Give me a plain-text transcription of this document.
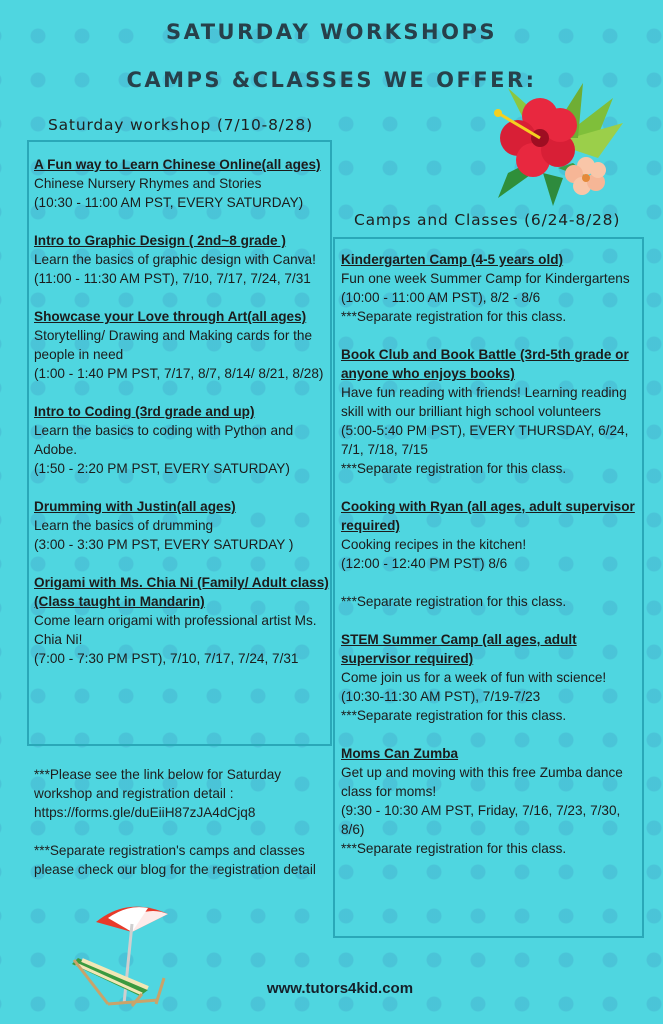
SATURDAY WORKSHOPS
CAMPS &CLASSES WE OFFER:
Saturday workshop (7/10-8/28)
A Fun way to Learn Chinese Online(all ages)
Chinese Nursery Rhymes and Stories
(10:30 - 11:00 AM PST, EVERY SATURDAY)
Intro to Graphic Design ( 2nd~8 grade )
Learn the basics of graphic design with Canva!
(11:00 - 11:30 AM PST), 7/10, 7/17, 7/24, 7/31
Showcase your Love through Art(all ages)
Storytelling/ Drawing and Making cards for the people in need
(1:00 - 1:40 PM PST, 7/17, 8/7, 8/14/ 8/21, 8/28)
Intro to Coding (3rd grade and up)
Learn the basics to coding with Python and Adobe.
(1:50 - 2:20 PM PST, EVERY SATURDAY)
Drumming with Justin(all ages)
Learn the basics of drumming
(3:00 - 3:30 PM PST, EVERY SATURDAY )
Origami with Ms. Chia Ni (Family/ Adult class) (Class taught in Mandarin)
Come learn origami with professional artist Ms. Chia Ni!
(7:00 - 7:30 PM PST), 7/10, 7/17, 7/24, 7/31
Camps and Classes (6/24-8/28)
Kindergarten Camp (4-5 years old)
Fun one week Summer Camp for Kindergartens
(10:00 - 11:00 AM PST), 8/2 - 8/6
***Separate registration for this class.
Book Club and Book Battle (3rd-5th grade or anyone who enjoys books)
Have fun reading with friends! Learning reading skill with our brilliant high school volunteers
(5:00-5:40 PM PST), EVERY THURSDAY, 6/24, 7/1, 7/18, 7/15
***Separate registration for this class.
Cooking with Ryan (all ages, adult supervisor required)
Cooking recipes in the kitchen!
(12:00 - 12:40 PM PST) 8/6
***Separate registration for this class.
STEM Summer Camp (all ages, adult supervisor required)
Come join us for a week of fun with science!
(10:30-11:30 AM PST), 7/19-7/23
***Separate registration for this class.
Moms Can Zumba
Get up and moving with this free Zumba dance class for moms!
(9:30 - 10:30 AM PST, Friday, 7/16, 7/23, 7/30, 8/6)
***Separate registration for this class.

***Please see the link below for Saturday workshop and registration detail :
https://forms.gle/duEiiH87zJA4dCjq8

***Separate registration's camps and classes please check our blog for the registration detail

www.tutors4kid.com
